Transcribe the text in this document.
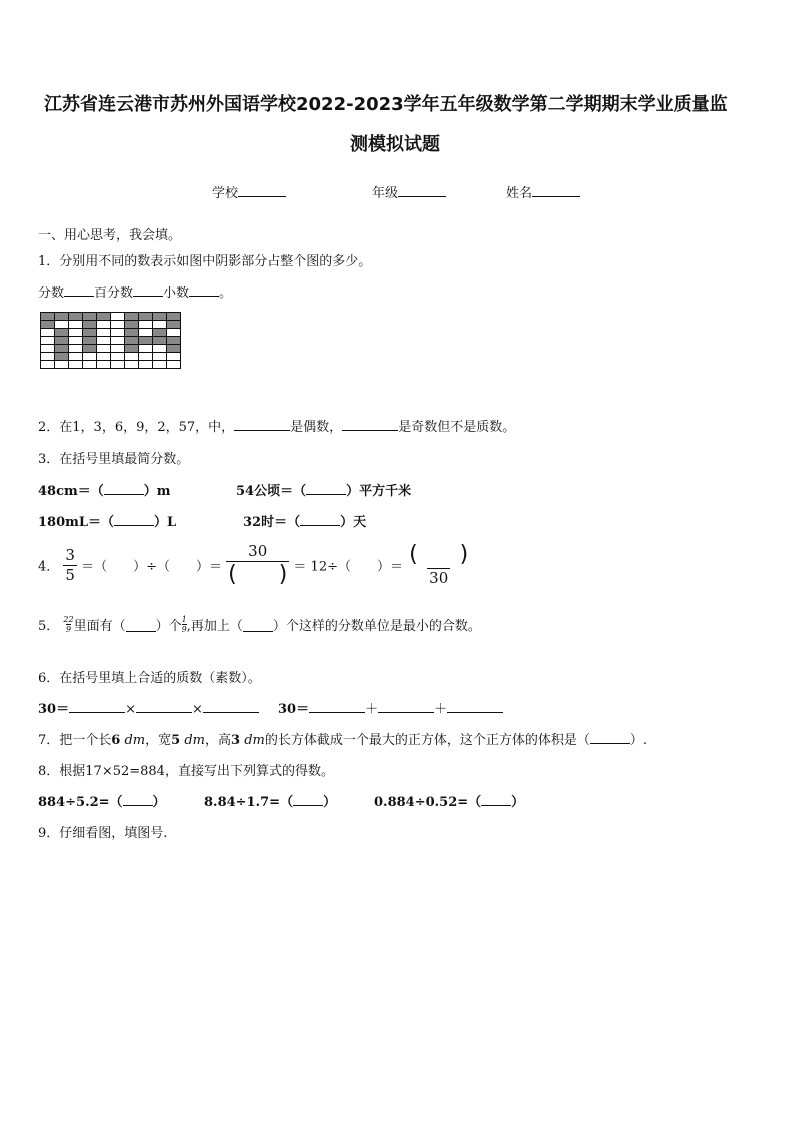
江苏省连云港市苏州外国语学校2022-2023学年五年级数学第二学期期末学业质量监
测模拟试题
学校	年级	姓名
一、用心思考，我会填。
1．分别用不同的数表示如图中阴影部分占整个图的多少。
分数 百分数 小数 。

2．在1，3，6，9，2，57，中，	是偶数，	是奇数但不是质数。
3．在括号里填最简分数。
48cm＝（	）m	54公顷＝（	）平方千米
180mL＝（	）L	32时＝（	）天
4． $\frac{3}{5}$ ＝（　　）÷（　　）＝ $\frac{30}{( )} = 12\div$（　　）＝ $\frac{( )}{30}$
5． $\frac{22}{9}$ 里面有（ ）个 $\frac{1}{9}$ ,再加上（ ）个这样的分数单位是最小的合数。
6．在括号里填上合适的质数（素数）。
30＝	×	×	30＝	＋	＋
7．把一个长6 dm，宽5 dm，高3 dm的长方体截成一个最大的正方体，这个正方体的体积是（	）.
8．根据17×52=884，直接写出下列算式的得数。
884÷5.2=（ ）	8.84÷1.7=（ ）	0.884÷0.52=（ ）
9．仔细看图，填图号.
